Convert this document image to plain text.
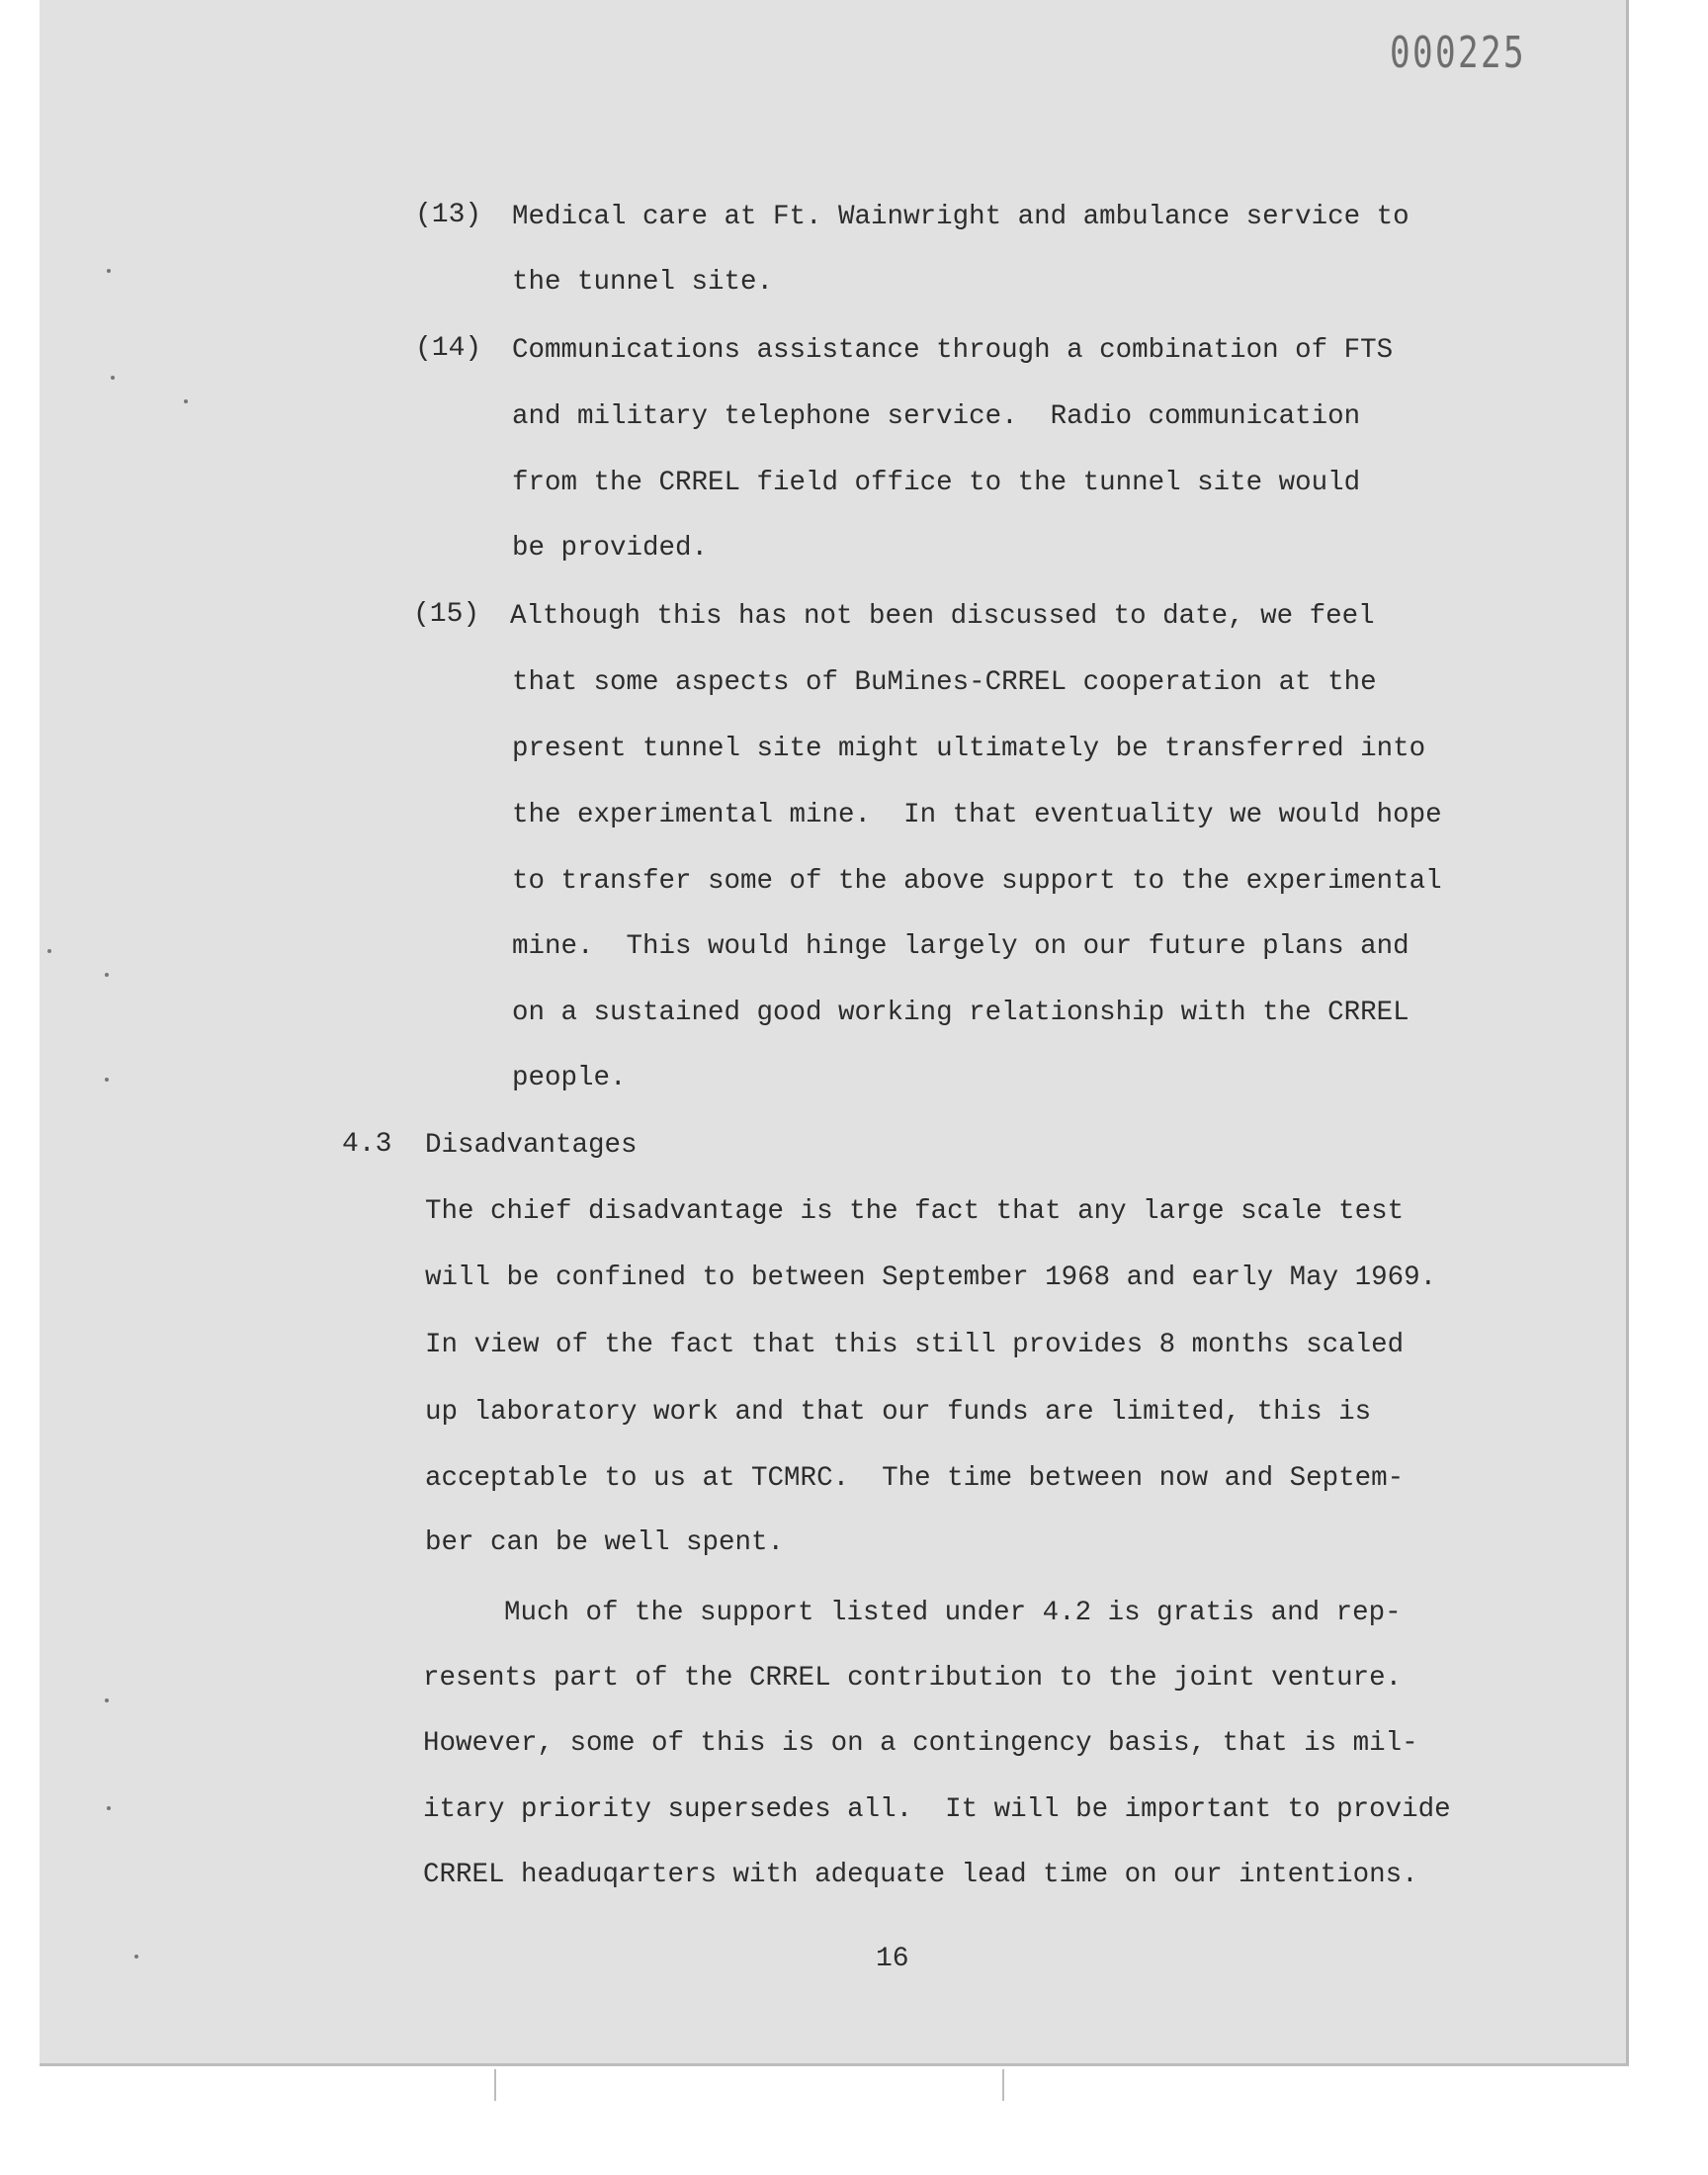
000225
(13) Medical care at Ft. Wainwright and ambulance service to
the tunnel site.
(14) Communications assistance through a combination of FTS
and military telephone service.  Radio communication
from the CRREL field office to the tunnel site would
be provided.
(15) Although this has not been discussed to date, we feel
that some aspects of BuMines-CRREL cooperation at the
present tunnel site might ultimately be transferred into
the experimental mine.  In that eventuality we would hope
to transfer some of the above support to the experimental
mine.  This would hinge largely on our future plans and
on a sustained good working relationship with the CRREL
people.
4.3 Disadvantages
The chief disadvantage is the fact that any large scale test
will be confined to between September 1968 and early May 1969.
In view of the fact that this still provides 8 months scaled
up laboratory work and that our funds are limited, this is
acceptable to us at TCMRC.  The time between now and Septem-
ber can be well spent.
Much of the support listed under 4.2 is gratis and rep-
resents part of the CRREL contribution to the joint venture.
However, some of this is on a contingency basis, that is mil-
itary priority supersedes all.  It will be important to provide
CRREL headuqarters with adequate lead time on our intentions.
16
